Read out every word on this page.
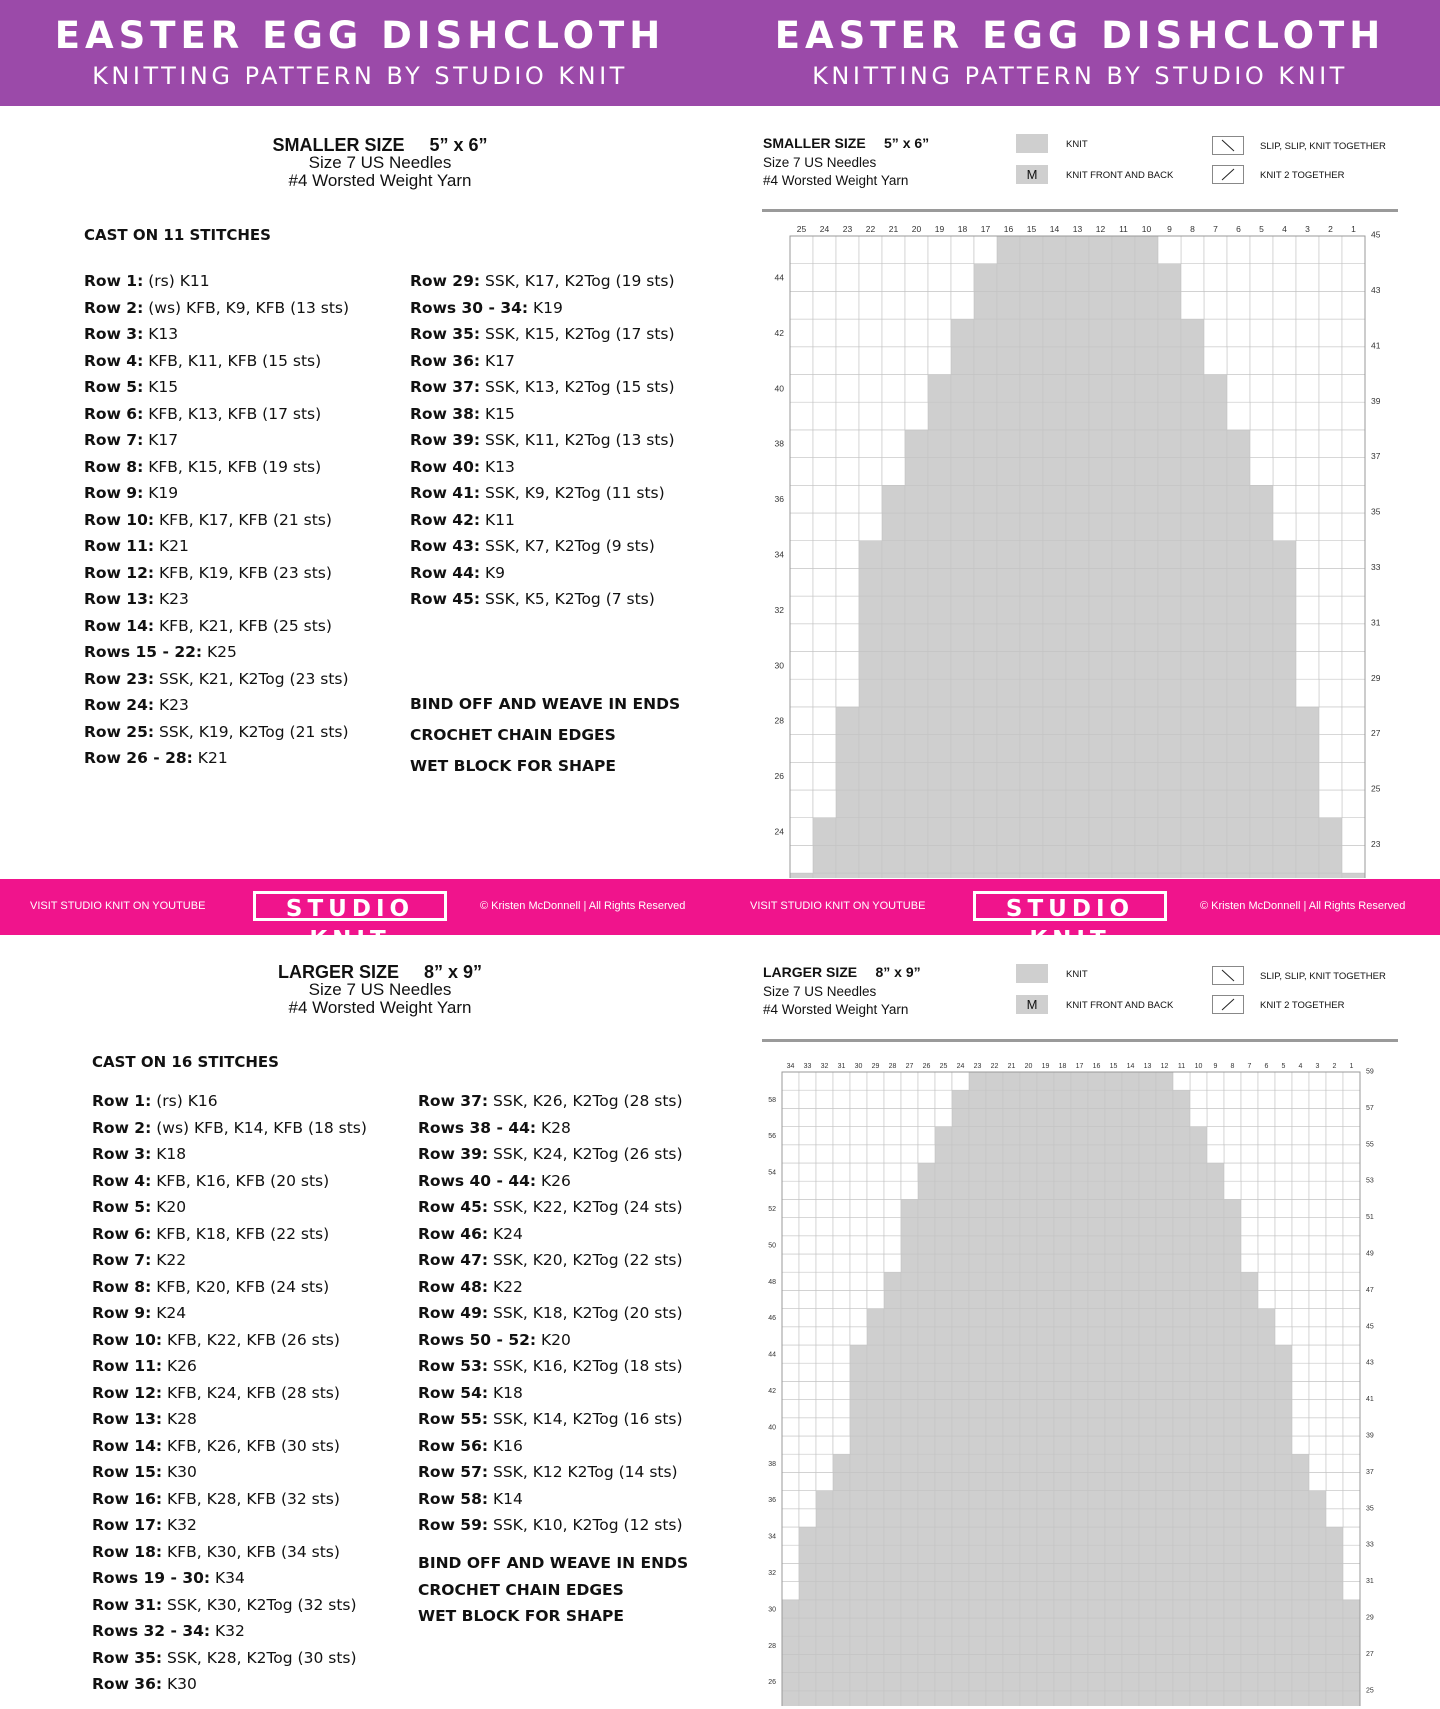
EASTER EGG DISHCLOTH
KNITTING PATTERN BY STUDIO KNIT
EASTER EGG DISHCLOTH
KNITTING PATTERN BY STUDIO KNIT
SMALLER SIZE 5” x 6”
Size 7 US Needles
#4 Worsted Weight Yarn
CAST ON 11 STITCHES
Row 1: (rs) K11
Row 2: (ws) KFB, K9, KFB (13 sts)
Row 3: K13
Row 4: KFB, K11, KFB (15 sts)
Row 5: K15
Row 6: KFB, K13, KFB (17 sts)
Row 7: K17
Row 8: KFB, K15, KFB (19 sts)
Row 9: K19
Row 10: KFB, K17, KFB (21 sts)
Row 11: K21
Row 12: KFB, K19, KFB (23 sts)
Row 13: K23
Row 14: KFB, K21, KFB (25 sts)
Rows 15 - 22: K25
Row 23: SSK, K21, K2Tog (23 sts)
Row 24: K23
Row 25: SSK, K19, K2Tog (21 sts)
Row 26 - 28: K21
Row 29: SSK, K17, K2Tog (19 sts)
Rows 30 - 34: K19
Row 35: SSK, K15, K2Tog (17 sts)
Row 36: K17
Row 37: SSK, K13, K2Tog (15 sts)
Row 38: K15
Row 39: SSK, K11, K2Tog (13 sts)
Row 40: K13
Row 41: SSK, K9, K2Tog (11 sts)
Row 42: K11
Row 43: SSK, K7, K2Tog (9 sts)
Row 44: K9
Row 45: SSK, K5, K2Tog (7 sts)
BIND OFF AND WEAVE IN ENDS
CROCHET CHAIN EDGES
WET BLOCK FOR SHAPE
SMALLER SIZE 5” x 6”
Size 7 US Needles
#4 Worsted Weight Yarn
KNIT
M	KNIT FRONT AND BACK
SLIP, SLIP, KNIT TOGETHER
KNIT 2 TOGETHER
25 24 23 22 21 20 19 18 17 16 15 14 13 12 11 10 9 8 7 6 5 4 3 2 1
23
24
25
26
27
28
29
30
31
32
33
34
35
36
37
38
39
40
41
42
43
44
45
VISIT STUDIO KNIT ON YOUTUBE	STUDIO KNIT
© Kristen McDonnell | All Rights Reserved	VISIT STUDIO KNIT ON YOUTUBE	STUDIO KNIT
© Kristen McDonnell | All Rights Reserved
LARGER SIZE 8” x 9”
Size 7 US Needles
#4 Worsted Weight Yarn
CAST ON 16 STITCHES
Row 1: (rs) K16
Row 2: (ws) KFB, K14, KFB (18 sts)
Row 3: K18
Row 4: KFB, K16, KFB (20 sts)
Row 5: K20
Row 6: KFB, K18, KFB (22 sts)
Row 7: K22
Row 8: KFB, K20, KFB (24 sts)
Row 9: K24
Row 10: KFB, K22, KFB (26 sts)
Row 11: K26
Row 12: KFB, K24, KFB (28 sts)
Row 13: K28
Row 14: KFB, K26, KFB (30 sts)
Row 15: K30
Row 16: KFB, K28, KFB (32 sts)
Row 17: K32
Row 18: KFB, K30, KFB (34 sts)
Rows 19 - 30: K34
Row 31: SSK, K30, K2Tog (32 sts)
Rows 32 - 34: K32
Row 35: SSK, K28, K2Tog (30 sts)
Row 36: K30
Row 37: SSK, K26, K2Tog (28 sts)
Rows 38 - 44: K28
Row 39: SSK, K24, K2Tog (26 sts)
Rows 40 - 44: K26
Row 45: SSK, K22, K2Tog (24 sts)
Row 46: K24
Row 47: SSK, K20, K2Tog (22 sts)
Row 48: K22
Row 49: SSK, K18, K2Tog (20 sts)
Rows 50 - 52: K20
Row 53: SSK, K16, K2Tog (18 sts)
Row 54: K18
Row 55: SSK, K14, K2Tog (16 sts)
Row 56: K16
Row 57: SSK, K12 K2Tog (14 sts)
Row 58: K14
Row 59: SSK, K10, K2Tog (12 sts)
BIND OFF AND WEAVE IN ENDS
CROCHET CHAIN EDGES
WET BLOCK FOR SHAPE
LARGER SIZE 8” x 9”
Size 7 US Needles
#4 Worsted Weight Yarn
KNIT
M	KNIT FRONT AND BACK
SLIP, SLIP, KNIT TOGETHER
KNIT 2 TOGETHER
34 33 32 31 30 29 28 27 26 25 24 23 22 21 20 19 18 17 16 15 14 13 12 11 10 9 8 7 6 5 4 3 2 1
25
26
27
28
29
30
31
32
33
34
35
36
37
38
39
40
41
42
43
44
45
46
47
48
49
50
51
52
53
54
55
56
57
58
59
